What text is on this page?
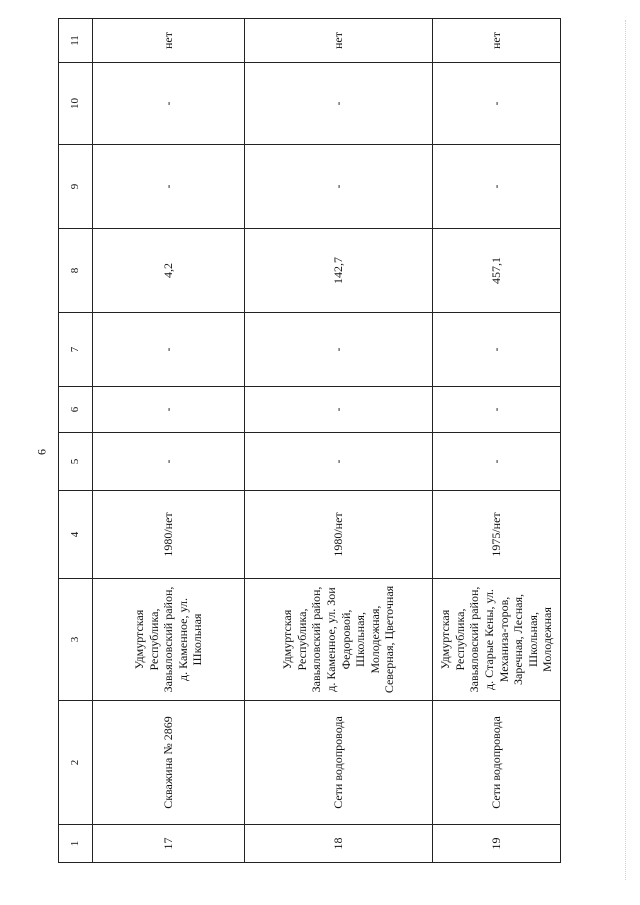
6
1	2	3	4	5	6	7	8	9	10	11
17	Скважина № 2869	Удмуртская Республика, Завьяловский район, д. Каменное, ул. Школьная	1980/нет	-	-	-	4,2	-	-	нет
18	Сети водопровода	Удмуртская Республика, Завьяловский район, д. Каменное, ул. Зои Федоровой, Школьная, Молодежная, Северная, Цветочная	1980/нет	-	-	-	142,7	-	-	нет
19	Сети водопровода	Удмуртская Республика, Завьяловский район, д. Старые Кены, ул. Механиза-торов, Заречная, Лесная, Школьная, Молодежная	1975/нет	-	-	-	457,1	-	-	нет
